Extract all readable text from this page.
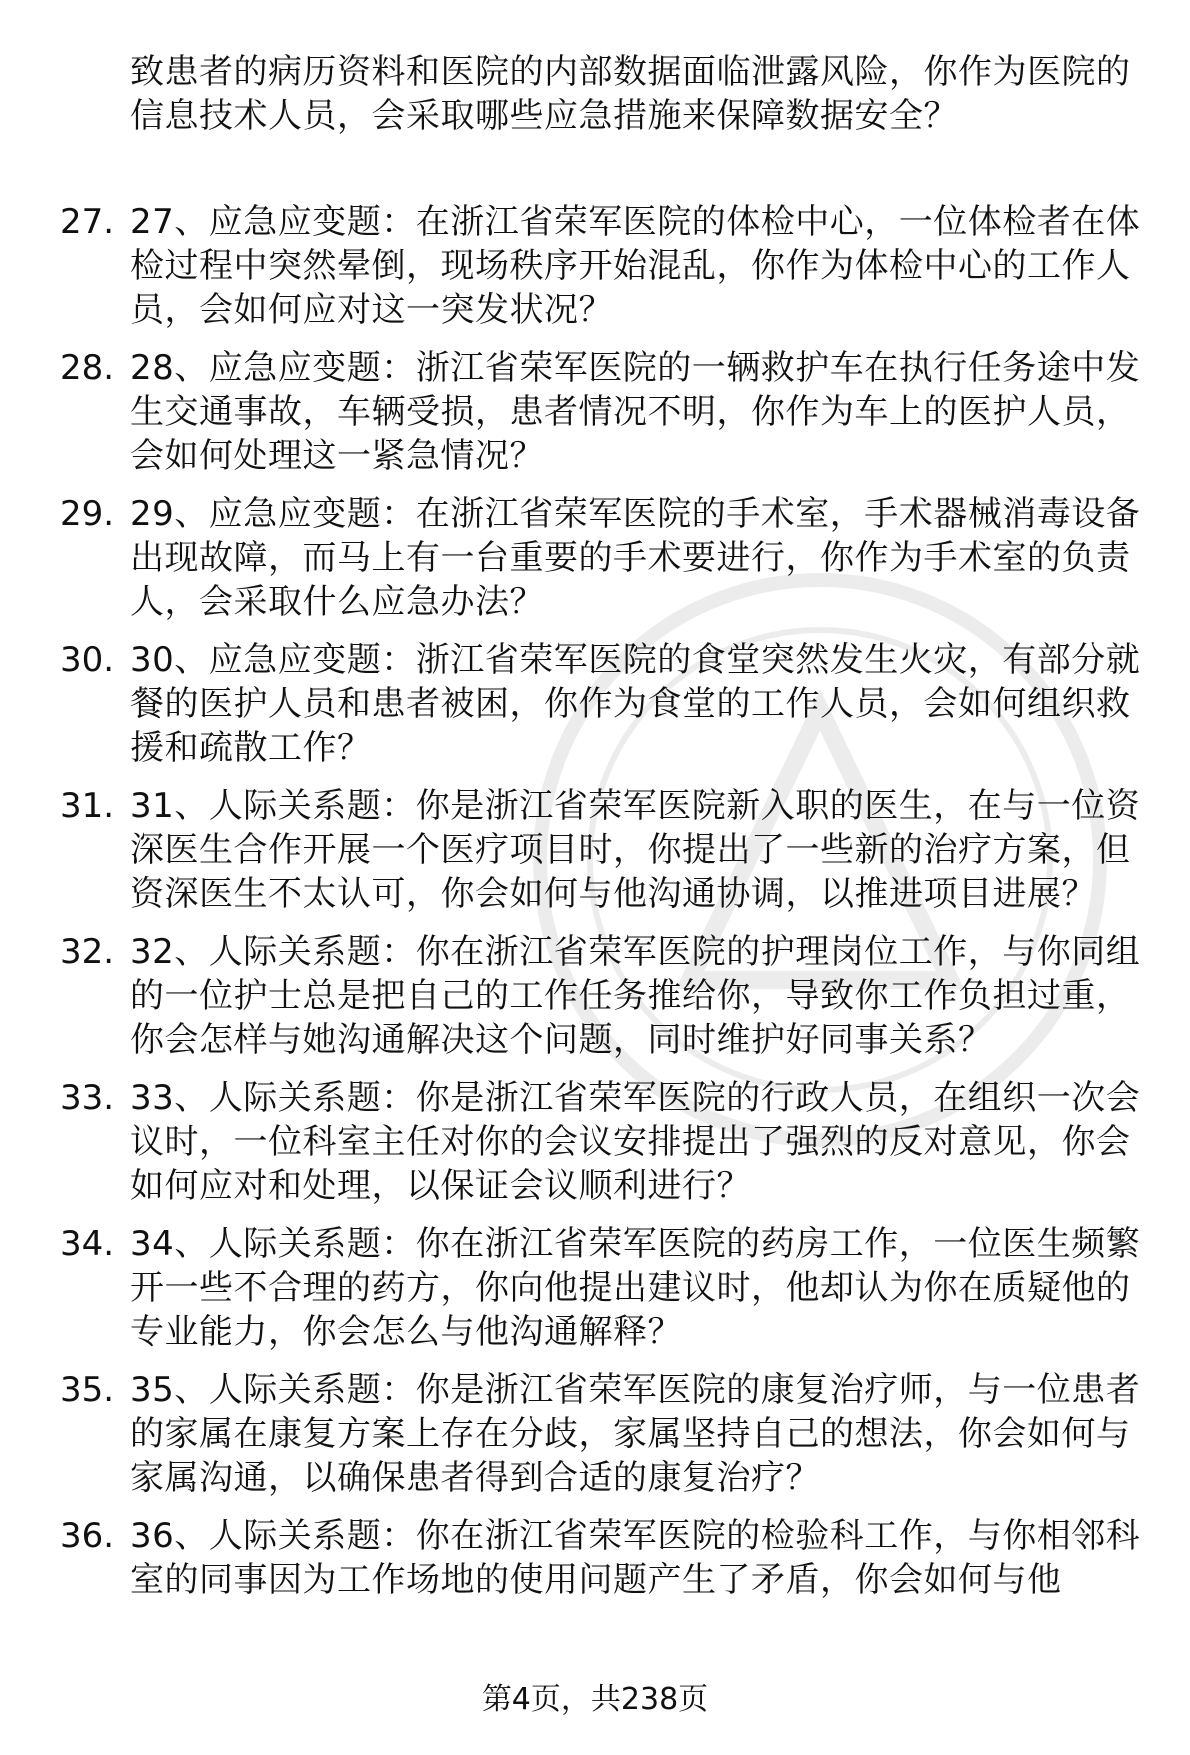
致患者的病历资料和医院的内部数据面临泄露风险，你作为医院的信息技术人员，会采取哪些应急措施来保障数据安全？
27. 27、应急应变题：在浙江省荣军医院的体检中心，一位体检者在体检过程中突然晕倒，现场秩序开始混乱，你作为体检中心的工作人员，会如何应对这一突发状况？
28. 28、应急应变题：浙江省荣军医院的一辆救护车在执行任务途中发生交通事故，车辆受损，患者情况不明，你作为车上的医护人员，会如何处理这一紧急情况？
29. 29、应急应变题：在浙江省荣军医院的手术室，手术器械消毒设备出现故障，而马上有一台重要的手术要进行，你作为手术室的负责人，会采取什么应急办法？
30. 30、应急应变题：浙江省荣军医院的食堂突然发生火灾，有部分就餐的医护人员和患者被困，你作为食堂的工作人员，会如何组织救援和疏散工作？
31. 31、人际关系题：你是浙江省荣军医院新入职的医生，在与一位资深医生合作开展一个医疗项目时，你提出了一些新的治疗方案，但资深医生不太认可，你会如何与他沟通协调，以推进项目进展？
32. 32、人际关系题：你在浙江省荣军医院的护理岗位工作，与你同组的一位护士总是把自己的工作任务推给你，导致你工作负担过重，你会怎样与她沟通解决这个问题，同时维护好同事关系？
33. 33、人际关系题：你是浙江省荣军医院的行政人员，在组织一次会议时，一位科室主任对你的会议安排提出了强烈的反对意见，你会如何应对和处理，以保证会议顺利进行？
34. 34、人际关系题：你在浙江省荣军医院的药房工作，一位医生频繁开一些不合理的药方，你向他提出建议时，他却认为你在质疑他的专业能力，你会怎么与他沟通解释？
35. 35、人际关系题：你是浙江省荣军医院的康复治疗师，与一位患者的家属在康复方案上存在分歧，家属坚持自己的想法，你会如何与家属沟通，以确保患者得到合适的康复治疗？
36. 36、人际关系题：你在浙江省荣军医院的检验科工作，与你相邻科室的同事因为工作场地的使用问题产生了矛盾，你会如何与他
第4页，共238页
